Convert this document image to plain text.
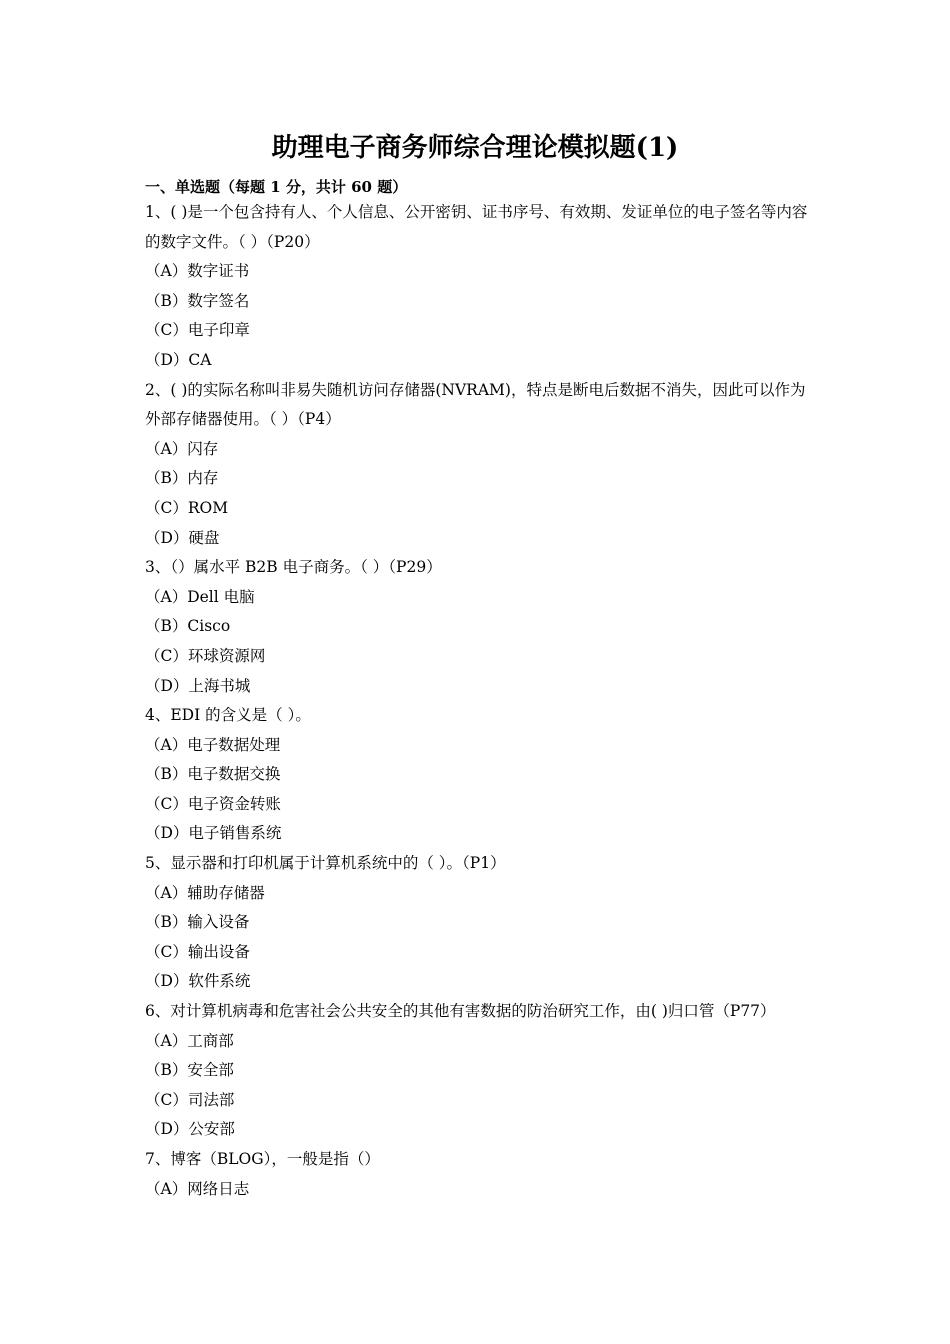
助理电子商务师综合理论模拟题(1)
一、单选题（每题 1 分，共计 60 题）
1、( )是一个包含持有人、个人信息、公开密钥、证书序号、有效期、发证单位的电子签名等内容的数字文件。（ ）（P20）
（A）数字证书
（B）数字签名
（C）电子印章
（D）CA
2、( )的实际名称叫非易失随机访问存储器(NVRAM)，特点是断电后数据不消失，因此可以作为外部存储器使用。（ ）（P4）
（A）闪存
（B）内存
（C）ROM
（D）硬盘
3、（）属水平 B2B 电子商务。（ ）（P29）
（A）Dell 电脑
（B）Cisco
（C）环球资源网
（D）上海书城
4、EDI 的含义是（ ）。
（A）电子数据处理
（B）电子数据交换
（C）电子资金转账
（D）电子销售系统
5、显示器和打印机属于计算机系统中的（ ）。（P1）
（A）辅助存储器
（B）输入设备
（C）输出设备
（D）软件系统
6、对计算机病毒和危害社会公共安全的其他有害数据的防治研究工作，由( )归口管（P77）
（A）工商部
（B）安全部
（C）司法部
（D）公安部
7、博客（BLOG），一般是指（）
（A）网络日志
